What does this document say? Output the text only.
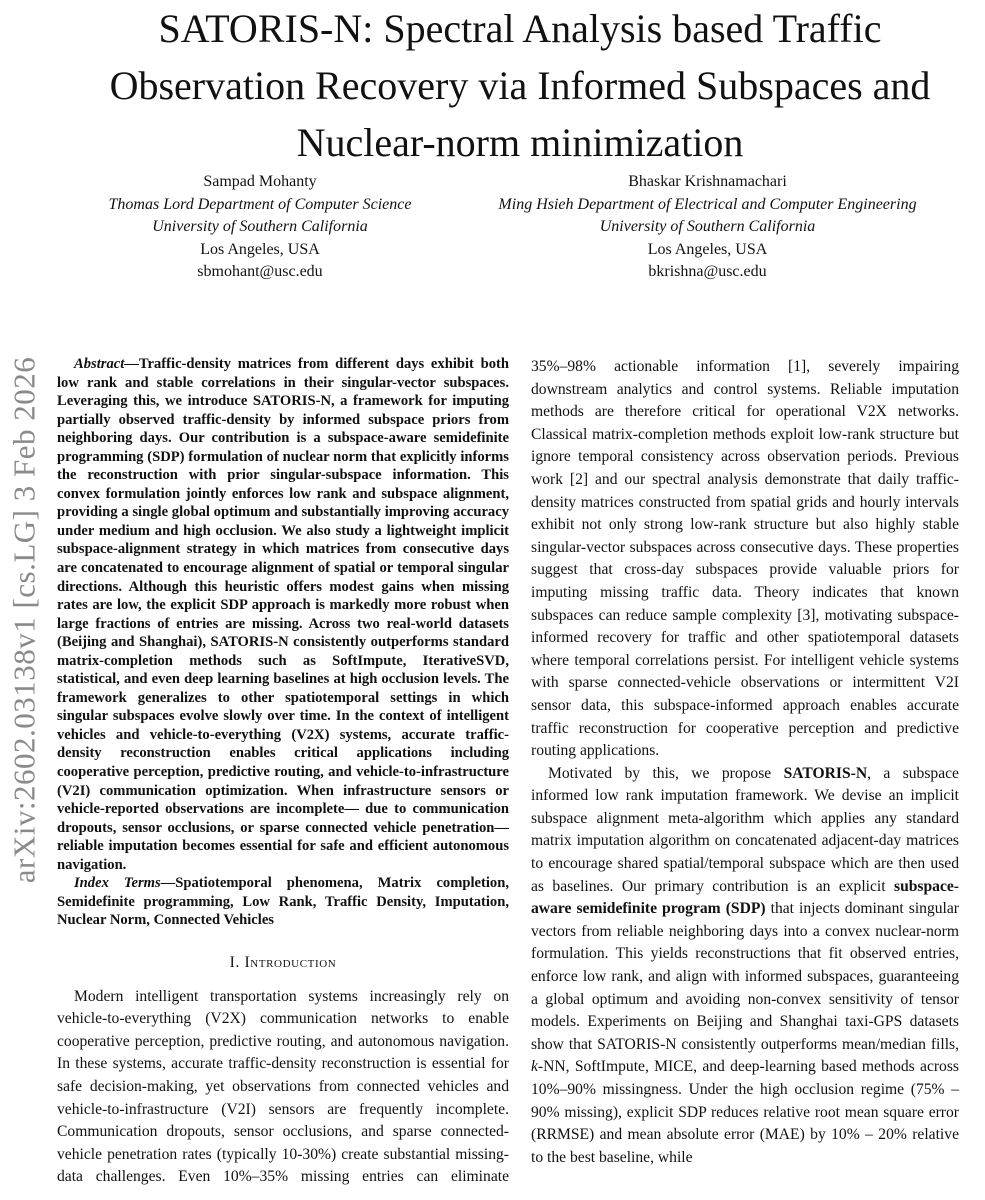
arXiv:2602.03138v1 [cs.LG] 3 Feb 2026
SATORIS-N: Spectral Analysis based Traffic
Observation Recovery via Informed Subspaces and
Nuclear-norm minimization
Sampad Mohanty
Thomas Lord Department of Computer Science
University of Southern California
Los Angeles, USA
sbmohant@usc.edu
Bhaskar Krishnamachari
Ming Hsieh Department of Electrical and Computer Engineering
University of Southern California
Los Angeles, USA
bkrishna@usc.edu

Abstract—Traffic-density matrices from different days exhibit both low rank and stable correlations in their singular-vector subspaces. Leveraging this, we introduce SATORIS-N, a framework for imputing partially observed traffic-density by informed subspace priors from neighboring days. Our contribution is a subspace-aware semidefinite programming (SDP) formulation of nuclear norm that explicitly informs the reconstruction with prior singular-subspace information. This convex formulation jointly enforces low rank and subspace alignment, providing a single global optimum and substantially improving accuracy under medium and high occlusion. We also study a lightweight implicit subspace-alignment strategy in which matrices from consecutive days are concatenated to encourage alignment of spatial or temporal singular directions. Although this heuristic offers modest gains when missing rates are low, the explicit SDP approach is markedly more robust when large fractions of entries are missing. Across two real-world datasets (Beijing and Shanghai), SATORIS-N consistently outperforms standard matrix-completion methods such as SoftImpute, IterativeSVD, statistical, and even deep learning baselines at high occlusion levels. The framework generalizes to other spatiotemporal settings in which singular subspaces evolve slowly over time. In the context of intelligent vehicles and vehicle-to-everything (V2X) systems, accurate traffic-density reconstruction enables critical applications including cooperative perception, predictive routing, and vehicle-to-infrastructure (V2I) communication optimization. When infrastructure sensors or vehicle-reported observations are incomplete— due to communication dropouts, sensor occlusions, or sparse connected vehicle penetration—reliable imputation becomes essential for safe and efficient autonomous navigation.

Index Terms—Spatiotemporal phenomena, Matrix completion, Semidefinite programming, Low Rank, Traffic Density, Imputation, Nuclear Norm, Connected Vehicles

I. Introduction

Modern intelligent transportation systems increasingly rely on vehicle-to-everything (V2X) communication networks to enable cooperative perception, predictive routing, and autonomous navigation. In these systems, accurate traffic-density reconstruction is essential for safe decision-making, yet observations from connected vehicles and vehicle-to-infrastructure (V2I) sensors are frequently incomplete. Communication dropouts, sensor occlusions, and sparse connected-vehicle penetration rates (typically 10-30%) create substantial missing-data challenges. Even 10%–35% missing entries can eliminate

35%–98% actionable information [1], severely impairing downstream analytics and control systems. Reliable imputation methods are therefore critical for operational V2X networks. Classical matrix-completion methods exploit low-rank structure but ignore temporal consistency across observation periods. Previous work [2] and our spectral analysis demonstrate that daily traffic-density matrices constructed from spatial grids and hourly intervals exhibit not only strong low-rank structure but also highly stable singular-vector subspaces across consecutive days. These properties suggest that cross-day subspaces provide valuable priors for imputing missing traffic data. Theory indicates that known subspaces can reduce sample complexity [3], motivating subspace-informed recovery for traffic and other spatiotemporal datasets where temporal correlations persist. For intelligent vehicle systems with sparse connected-vehicle observations or intermittent V2I sensor data, this subspace-informed approach enables accurate traffic reconstruction for cooperative perception and predictive routing applications.

Motivated by this, we propose SATORIS-N, a subspace informed low rank imputation framework. We devise an implicit subspace alignment meta-algorithm which applies any standard matrix imputation algorithm on concatenated adjacent-day matrices to encourage shared spatial/temporal subspace which are then used as baselines. Our primary contribution is an explicit subspace-aware semidefinite program (SDP) that injects dominant singular vectors from reliable neighboring days into a convex nuclear-norm formulation. This yields reconstructions that fit observed entries, enforce low rank, and align with informed subspaces, guaranteeing a global optimum and avoiding non-convex sensitivity of tensor models. Experiments on Beijing and Shanghai taxi-GPS datasets show that SATORIS-N consistently outperforms mean/median fills, k-NN, SoftImpute, MICE, and deep-learning based methods across 10%–90% missingness. Under the high occlusion regime (75% – 90% missing), explicit SDP reduces relative root mean square error (RRMSE) and mean absolute error (MAE) by 10% – 20% relative to the best baseline, while
